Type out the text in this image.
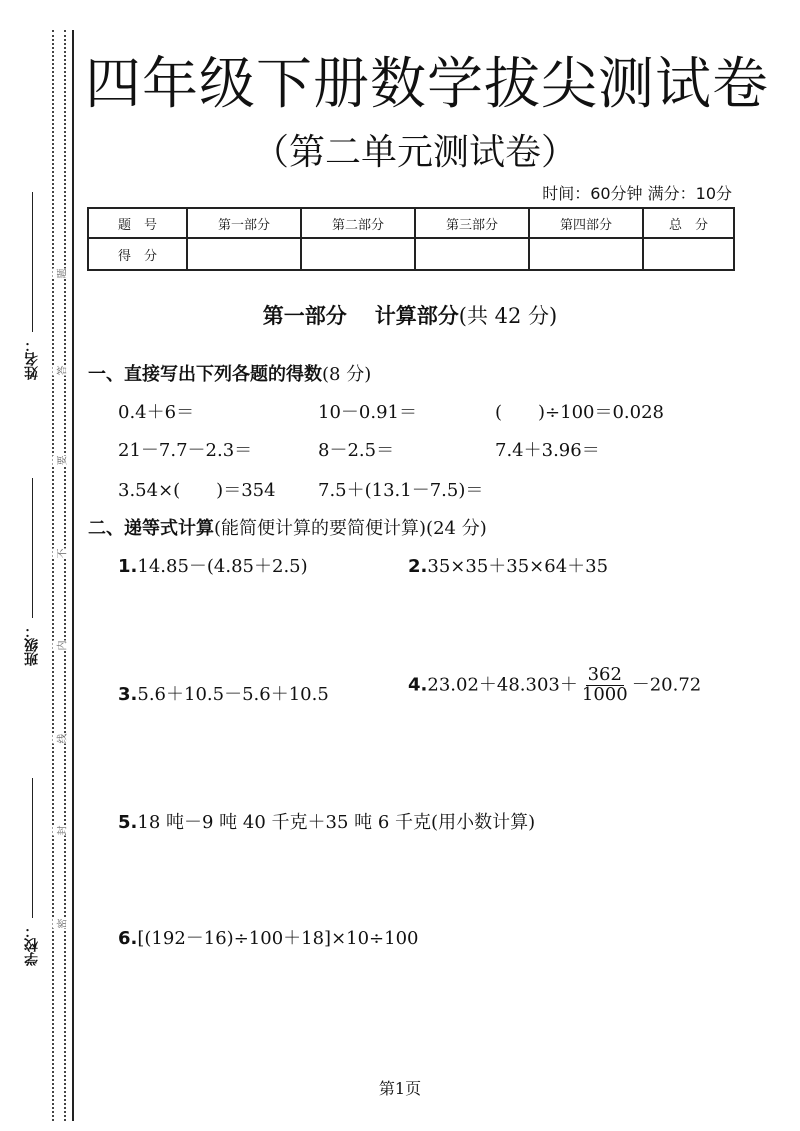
题
答
要
不
内
线
封
密
姓名：
班级：
学校：
四年级下册数学拔尖测试卷
（第二单元测试卷）
时间：60分钟 满分：10分
题　号	第一部分	第二部分	第三部分	第四部分	总　分
得　分					
第一部分 计算部分(共 42 分)
一、直接写出下列各题的得数(8 分)
0.4＋6＝	10－0.91＝	(　　)÷100＝0.028
21－7.7－2.3＝	8－2.5＝	7.4＋3.96＝
3.54×(　　)＝354 7.5＋(13.1－7.5)＝
二、递等式计算(能简便计算的要简便计算)(24 分)
1.14.85－(4.85＋2.5)	2.35×35＋35×64＋35
3.5.6＋10.5－5.6＋10.5	$4.23.02+48.303+ \frac{362}{1000} -20.72$
5.18 吨－9 吨 40 千克＋35 吨 6 千克(用小数计算)
6.[(192－16)÷100＋18]×10÷100
第1页
